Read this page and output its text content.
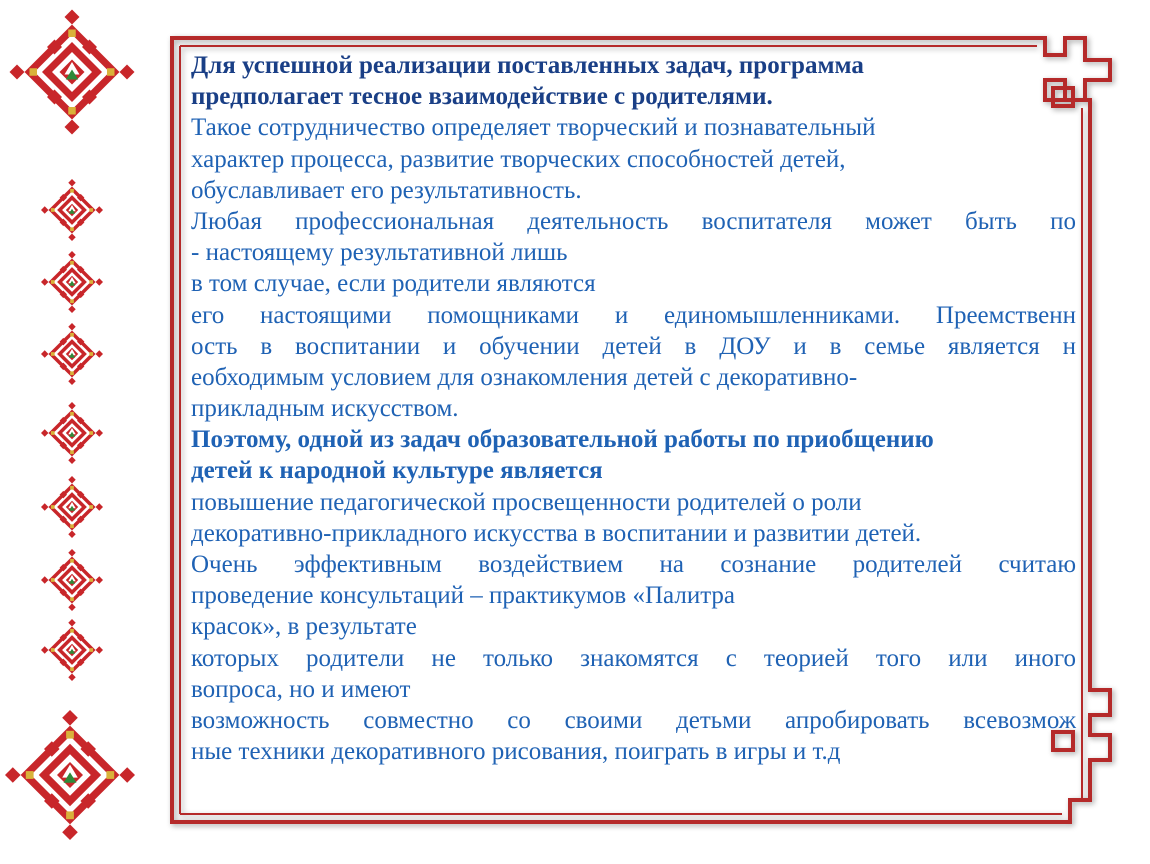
Для успешной реализации поставленных задач, программа
предполагает тесное взаимодействие с родителями.
Такое сотрудничество определяет творческий и познавательный
характер процесса, развитие творческих способностей детей,
обуславливает его результативность.
Любая профессиональная деятельность воспитателя может быть по
- настоящему результативной лишь
в том случае, если родители являются
его настоящими помощниками и единомышленниками. Преемственн
ость в воспитании и обучении детей в ДОУ и в семье является н
еобходимым условием для ознакомления детей с декоративно-
прикладным искусством.
Поэтому, одной из задач образовательной работы по приобщению
детей к народной культуре является
повышение педагогической просвещенности родителей о роли
декоративно-прикладного искусства в воспитании и развитии детей.
Очень эффективным воздействием на сознание родителей считаю
проведение консультаций – практикумов «Палитра
красок», в результате
которых родители не только знакомятся с теорией того или иного
вопроса, но и имеют
возможность совместно со своими детьми апробировать всевозмож
ные техники декоративного рисования, поиграть в игры и т.д
